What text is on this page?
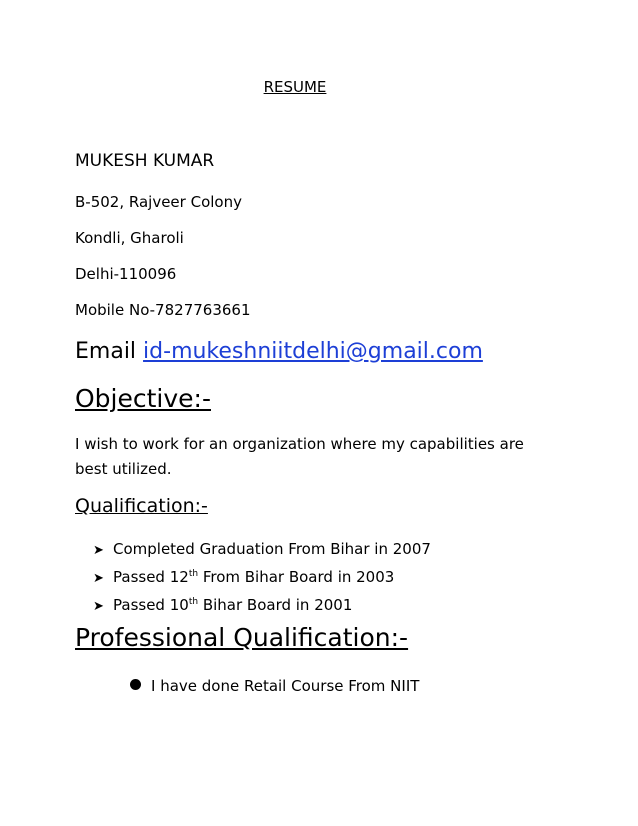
RESUME
MUKESH KUMAR
B-502, Rajveer Colony
Kondli, Gharoli
Delhi-110096
Mobile No-7827763661
Email id-mukeshniitdelhi@gmail.com
Objective:-
I wish to work for an organization where my capabilities are best utilized.
Qualification:-
➤ Completed Graduation From Bihar in 2007
➤ Passed 12th From Bihar Board in 2003
➤ Passed 10th Bihar Board in 2001
Professional Qualification:-
I have done Retail Course From NIIT
